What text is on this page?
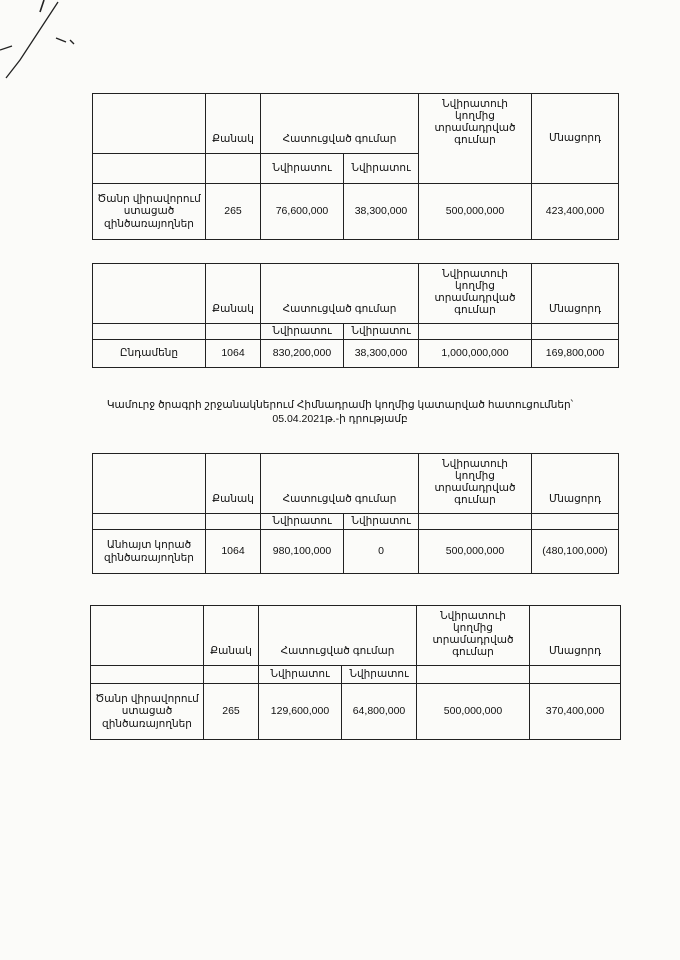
	Քանակ	Հատուցված գումար		Նվիրատուի կողմից տրամադրված գումար	Մնացորդ
		Նվիրատու	Նվիրատու		
Ծանր վիրավորում ստացած զինծառայողներ	265	76,600,000	38,300,000	500,000,000	423,400,000
	Քանակ	Հատուցված գումար		Նվիրատուի կողմից տրամադրված գումար	Մնացորդ
		Նվիրատու	Նվիրատու		
Ընդամենը	1064	830,200,000	38,300,000	1,000,000,000	169,800,000
Կամուրջ ծրագրի շրջանակներում Հիմնադրամի կողմից կատարված հատուցումներ՝
05.04.2021թ.-ի դրությամբ
	Քանակ	Հատուցված գումար		Նվիրատուի կողմից տրամադրված գումար	Մնացորդ
		Նվիրատու	Նվիրատու		
Անհայտ կորած զինծառայողներ	1064	980,100,000	0	500,000,000	(480,100,000)
	Քանակ	Հատուցված գումար		Նվիրատուի կողմից տրամադրված գումար	Մնացորդ
		Նվիրատու	Նվիրատու		
Ծանր վիրավորում ստացած զինծառայողներ	265	129,600,000	64,800,000	500,000,000	370,400,000
